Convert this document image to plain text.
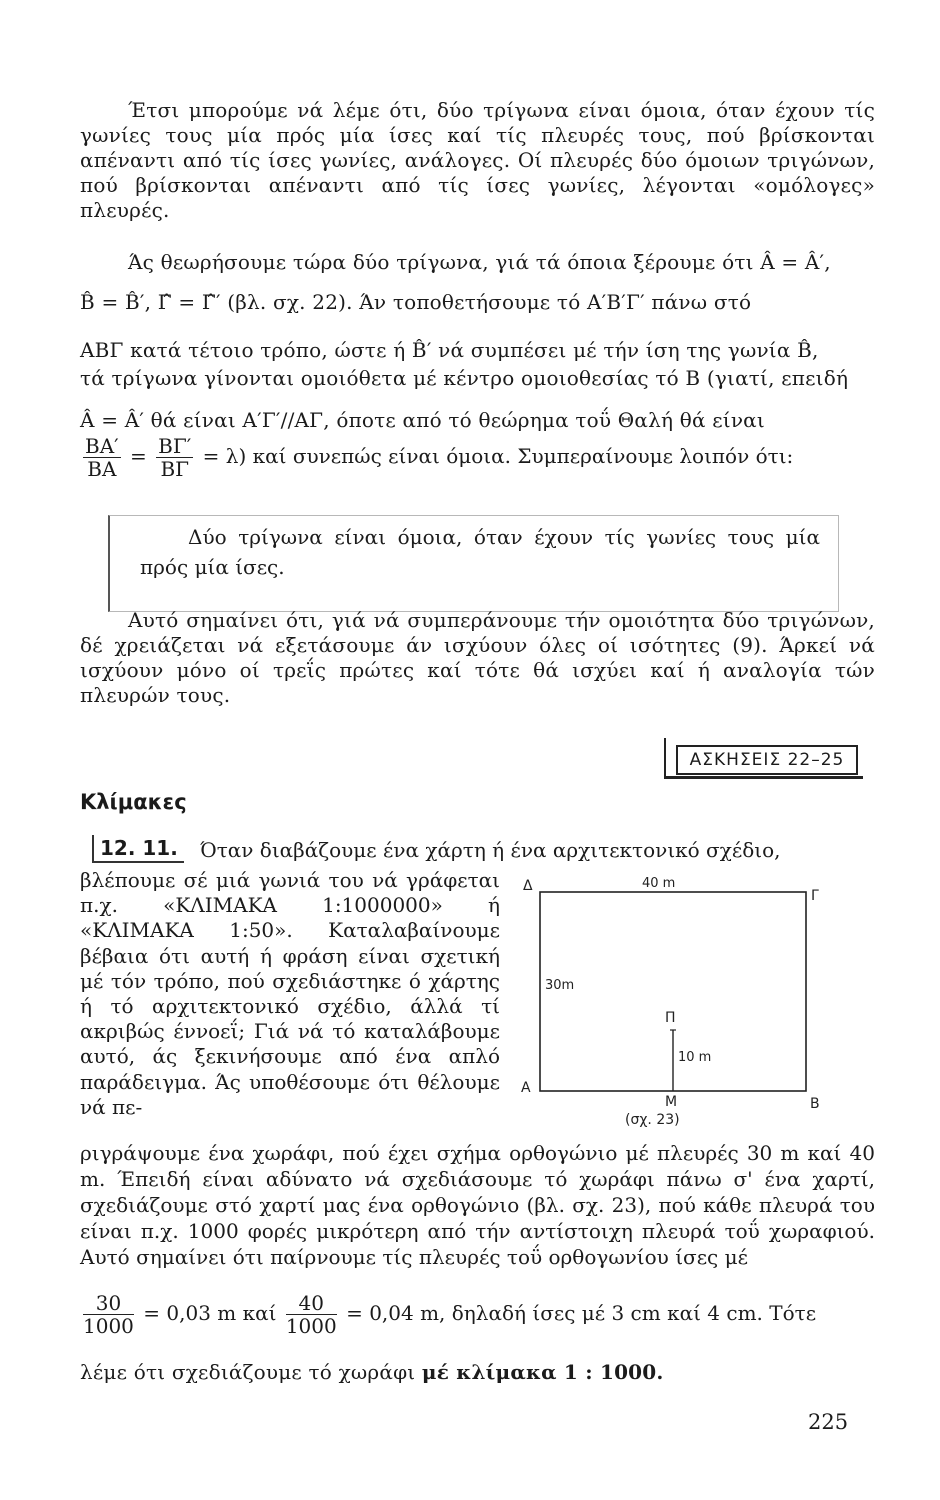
Έτσι μπορούμε νά λέμε ότι, δύο τρίγωνα είναι όμοια, όταν έχουν τίς γωνίες τους μία πρός μία ίσες καί τίς πλευρές τους, πού βρίσκονται απέναντι από τίς ίσες γωνίες, ανάλογες. Οί πλευρές δύο όμοιων τριγώνων, πού βρίσκονται απέναντι από τίς ίσες γωνίες, λέγονται «ομόλογες» πλευρές.
Άς θεωρήσουμε τώρα δύο τρίγωνα, γιά τά όποια ξέρουμε ότι Â = Â′,
B̂ = B̂′, Γ̂ = Γ̂′ (βλ. σχ. 22). Άν τοποθετήσουμε τό Α′Β′Γ′ πάνω στό
ΑΒΓ κατά τέτοιο τρόπο, ώστε ή B̂′ νά συμπέσει μέ τήν ίση της γωνία B̂,
τά τρίγωνα γίνονται ομοιόθετα μέ κέντρο ομοιοθεσίας τό Β (γιατί, επειδή
Â = Â′ θά είναι Α′Γ′//ΑΓ, όποτε από τό θεώρημα τοΰ Θαλή θά είναι
$\frac{BA'}{BA} = \frac{B\Gamma'}{B\Gamma} = \lambda$) καί συνεπώς είναι όμοια. Συμπεραίνουμε λοιπόν ότι:
Δύο τρίγωνα είναι όμοια, όταν έχουν τίς γωνίες τους μία πρός μία ίσες.
Αυτό σημαίνει ότι, γιά νά συμπεράνουμε τήν ομοιότητα δύο τριγώνων, δέ χρειάζεται νά εξετάσουμε άν ισχύουν όλες οί ισότητες (9). Άρκεί νά ισχύουν μόνο οί τρεΐς πρώτες καί τότε θά ισχύει καί ή αναλογία τών πλευρών τους.
ΑΣΚΗΣΕΙΣ 22–25
Κλίμακες
12. 11.	Όταν διαβάζουμε ένα χάρτη ή ένα αρχιτεκτονικό σχέδιο,
βλέπουμε σέ μιά γωνιά του νά γράφεται π.χ. «ΚΛΙΜΑΚΑ 1:1000000» ή «ΚΛΙΜΑΚΑ 1:50». Καταλαβαίνουμε βέβαια ότι αυτή ή φράση είναι σχετική μέ τόν τρόπο, πού σχεδιάστηκε ό χάρτης ή τό αρχιτεκτονικό σχέδιο, άλλά τί ακριβώς έννοεΐ; Γιά νά τό καταλάβουμε αυτό, άς ξεκινήσουμε από ένα απλό παράδειγμα. Άς υποθέσουμε ότι θέλουμε νά πε-
40 m
30m
10 m
Δ
Γ
Α
Β
Π
Μ
(σχ. 23)
ριγράψουμε ένα χωράφι, πού έχει σχήμα ορθογώνιο μέ πλευρές 30 m καί 40 m. Έπειδή είναι αδύνατο νά σχεδιάσουμε τό χωράφι πάνω σ' ένα χαρτί, σχεδιάζουμε στό χαρτί μας ένα ορθογώνιο (βλ. σχ. 23), πού κάθε πλευρά του είναι π.χ. 1000 φορές μικρότερη από τήν αντίστοιχη πλευρά τοΰ χωραφιού. Αυτό σημαίνει ότι παίρνουμε τίς πλευρές τοΰ ορθογωνίου ίσες μέ
$\frac{30}{1000} = 0,03$ m καί $\frac{40}{1000} = 0,04$ m, δηλαδή ίσες μέ 3 cm καί 4 cm. Τότε
λέμε ότι σχεδιάζουμε τό χωράφι μέ κλίμακα 1 : 1000.
225
